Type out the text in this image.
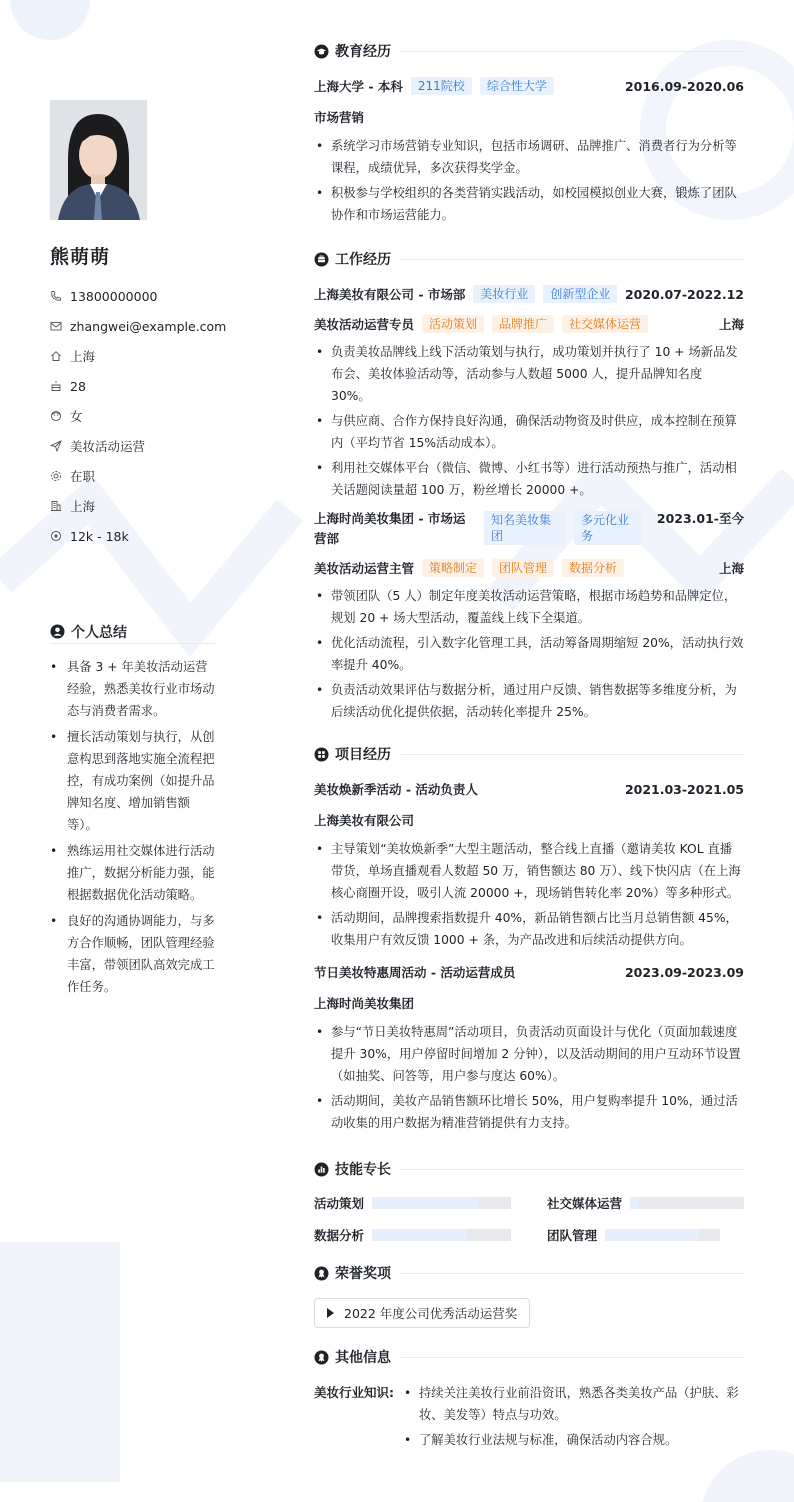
熊萌萌
13800000000
zhangwei@example.com
上海
28
女
美妆活动运营
在职
上海
12k - 18k
个人总结
• 具备 3 + 年美妆活动运营经验，熟悉美妆行业市场动态与消费者需求。
• 擅长活动策划与执行，从创意构思到落地实施全流程把控，有成功案例（如提升品牌知名度、增加销售额等）。
• 熟练运用社交媒体进行活动推广，数据分析能力强，能根据数据优化活动策略。
• 良好的沟通协调能力，与多方合作顺畅，团队管理经验丰富，带领团队高效完成工作任务。
教育经历
上海大学 - 本科	211院校	综合性大学	2016.09-2020.06
市场营销
• 系统学习市场营销专业知识，包括市场调研、品牌推广、消费者行为分析等课程，成绩优异，多次获得奖学金。
• 积极参与学校组织的各类营销实践活动，如校园模拟创业大赛，锻炼了团队协作和市场运营能力。
工作经历
上海美妆有限公司 - 市场部	美妆行业	创新型企业	2020.07-2022.12
美妆活动运营专员	活动策划	品牌推广	社交媒体运营	上海
• 负责美妆品牌线上线下活动策划与执行，成功策划并执行了 10 + 场新品发布会、美妆体验活动等，活动参与人数超 5000 人，提升品牌知名度 30%。
• 与供应商、合作方保持良好沟通，确保活动物资及时供应，成本控制在预算内（平均节省 15%活动成本）。
• 利用社交媒体平台（微信、微博、小红书等）进行活动预热与推广，活动相关话题阅读量超 100 万，粉丝增长 20000 +。
上海时尚美妆集团 - 市场运营部
知名美妆集团
多元化业务
2023.01-至今
美妆活动运营主管	策略制定	团队管理	数据分析	上海
• 带领团队（5 人）制定年度美妆活动运营策略，根据市场趋势和品牌定位，规划 20 + 场大型活动，覆盖线上线下全渠道。
• 优化活动流程，引入数字化管理工具，活动筹备周期缩短 20%，活动执行效率提升 40%。
• 负责活动效果评估与数据分析，通过用户反馈、销售数据等多维度分析，为后续活动优化提供依据，活动转化率提升 25%。
项目经历
美妆焕新季活动 - 活动负责人	2021.03-2021.05
上海美妆有限公司
• 主导策划“美妆焕新季”大型主题活动，整合线上直播（邀请美妆 KOL 直播带货，单场直播观看人数超 50 万，销售额达 80 万）、线下快闪店（在上海核心商圈开设，吸引人流 20000 +，现场销售转化率 20%）等多种形式。
• 活动期间，品牌搜索指数提升 40%，新品销售额占比当月总销售额 45%，收集用户有效反馈 1000 + 条，为产品改进和后续活动提供方向。
节日美妆特惠周活动 - 活动运营成员	2023.09-2023.09
上海时尚美妆集团
• 参与“节日美妆特惠周”活动项目，负责活动页面设计与优化（页面加载速度提升 30%，用户停留时间增加 2 分钟），以及活动期间的用户互动环节设置（如抽奖、问答等，用户参与度达 60%）。
• 活动期间，美妆产品销售额环比增长 50%，用户复购率提升 10%，通过活动收集的用户数据为精准营销提供有力支持。
技能专长
活动策划	社交媒体运营
数据分析	团队管理
荣誉奖项
2022 年度公司优秀活动运营奖
其他信息
美妆行业知识:
•	持续关注美妆行业前沿资讯，熟悉各类美妆产品（护肤、彩妆、美发等）特点与功效。
• 了解美妆行业法规与标准，确保活动内容合规。
